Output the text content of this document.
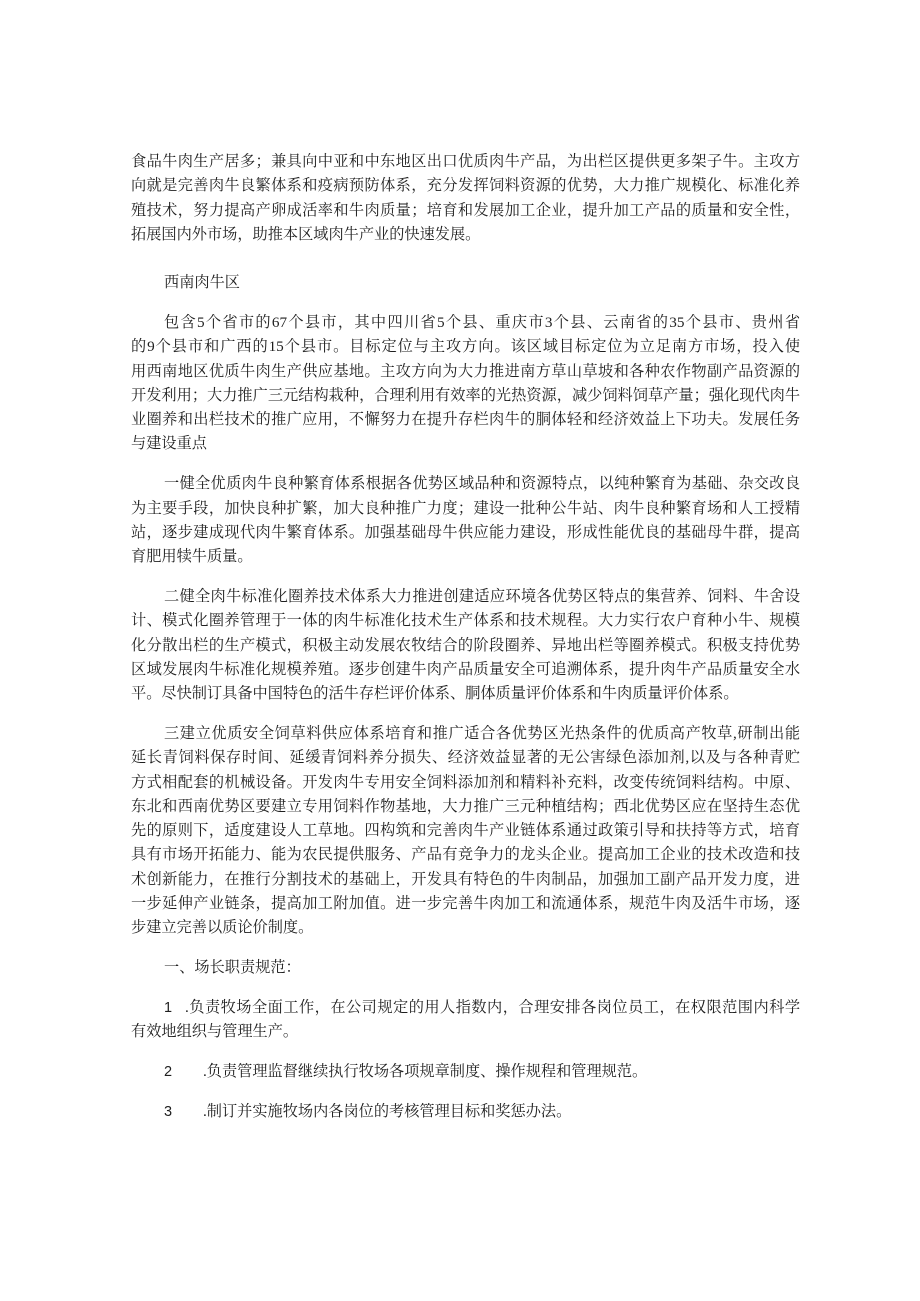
食品牛肉生产居多；兼具向中亚和中东地区出口优质肉牛产品，为出栏区提供更多架子牛。主攻方
向就是完善肉牛良繁体系和疫病预防体系，充分发挥饲料资源的优势，大力推广规模化、标准化养
殖技术，努力提高产卵成活率和牛肉质量；培育和发展加工企业，提升加工产品的质量和安全性，
拓展国内外市场，助推本区域肉牛产业的快速发展。
西南肉牛区
包含5个省市的67个县市，其中四川省5个县、重庆市3个县、云南省的35个县市、贵州省
的9个县市和广西的15个县市。目标定位与主攻方向。该区域目标定位为立足南方市场，投入使
用西南地区优质牛肉生产供应基地。主攻方向为大力推进南方草山草坡和各种农作物副产品资源的
开发利用；大力推广三元结构栽种，合理利用有效率的光热资源，减少饲料饲草产量；强化现代肉牛
业圈养和出栏技术的推广应用，不懈努力在提升存栏肉牛的胴体轻和经济效益上下功夫。发展任务
与建设重点
一健全优质肉牛良种繁育体系根据各优势区域品种和资源特点，以纯种繁育为基础、杂交改良
为主要手段，加快良种扩繁，加大良种推广力度；建设一批种公牛站、肉牛良种繁育场和人工授精
站，逐步建成现代肉牛繁育体系。加强基础母牛供应能力建设，形成性能优良的基础母牛群，提高
育肥用犊牛质量。
二健全肉牛标准化圈养技术体系大力推进创建适应环境各优势区特点的集营养、饲料、牛舍设
计、模式化圈养管理于一体的肉牛标准化技术生产体系和技术规程。大力实行农户育种小牛、规模
化分散出栏的生产模式，积极主动发展农牧结合的阶段圈养、异地出栏等圈养模式。积极支持优势
区域发展肉牛标准化规模养殖。逐步创建牛肉产品质量安全可追溯体系，提升肉牛产品质量安全水
平。尽快制订具备中国特色的活牛存栏评价体系、胴体质量评价体系和牛肉质量评价体系。
三建立优质安全饲草料供应体系培育和推广适合各优势区光热条件的优质高产牧草,研制出能
延长青饲料保存时间、延缓青饲料养分损失、经济效益显著的无公害绿色添加剂,以及与各种青贮
方式相配套的机械设备。开发肉牛专用安全饲料添加剂和精料补充料，改变传统饲料结构。中原、
东北和西南优势区要建立专用饲料作物基地，大力推广三元种植结构；西北优势区应在坚持生态优
先的原则下，适度建设人工草地。四构筑和完善肉牛产业链体系通过政策引导和扶持等方式，培育
具有市场开拓能力、能为农民提供服务、产品有竞争力的龙头企业。提高加工企业的技术改造和技
术创新能力，在推行分割技术的基础上，开发具有特色的牛肉制品，加强加工副产品开发力度，进
一步延伸产业链条，提高加工附加值。进一步完善牛肉加工和流通体系，规范牛肉及活牛市场，逐
步建立完善以质论价制度。
一、场长职责规范：
1 .负责牧场全面工作，在公司规定的用人指数内，合理安排各岗位员工，在权限范围内科学
有效地组织与管理生产。
2 .负责管理监督继续执行牧场各项规章制度、操作规程和管理规范。
3 .制订并实施牧场内各岗位的考核管理目标和奖惩办法。
